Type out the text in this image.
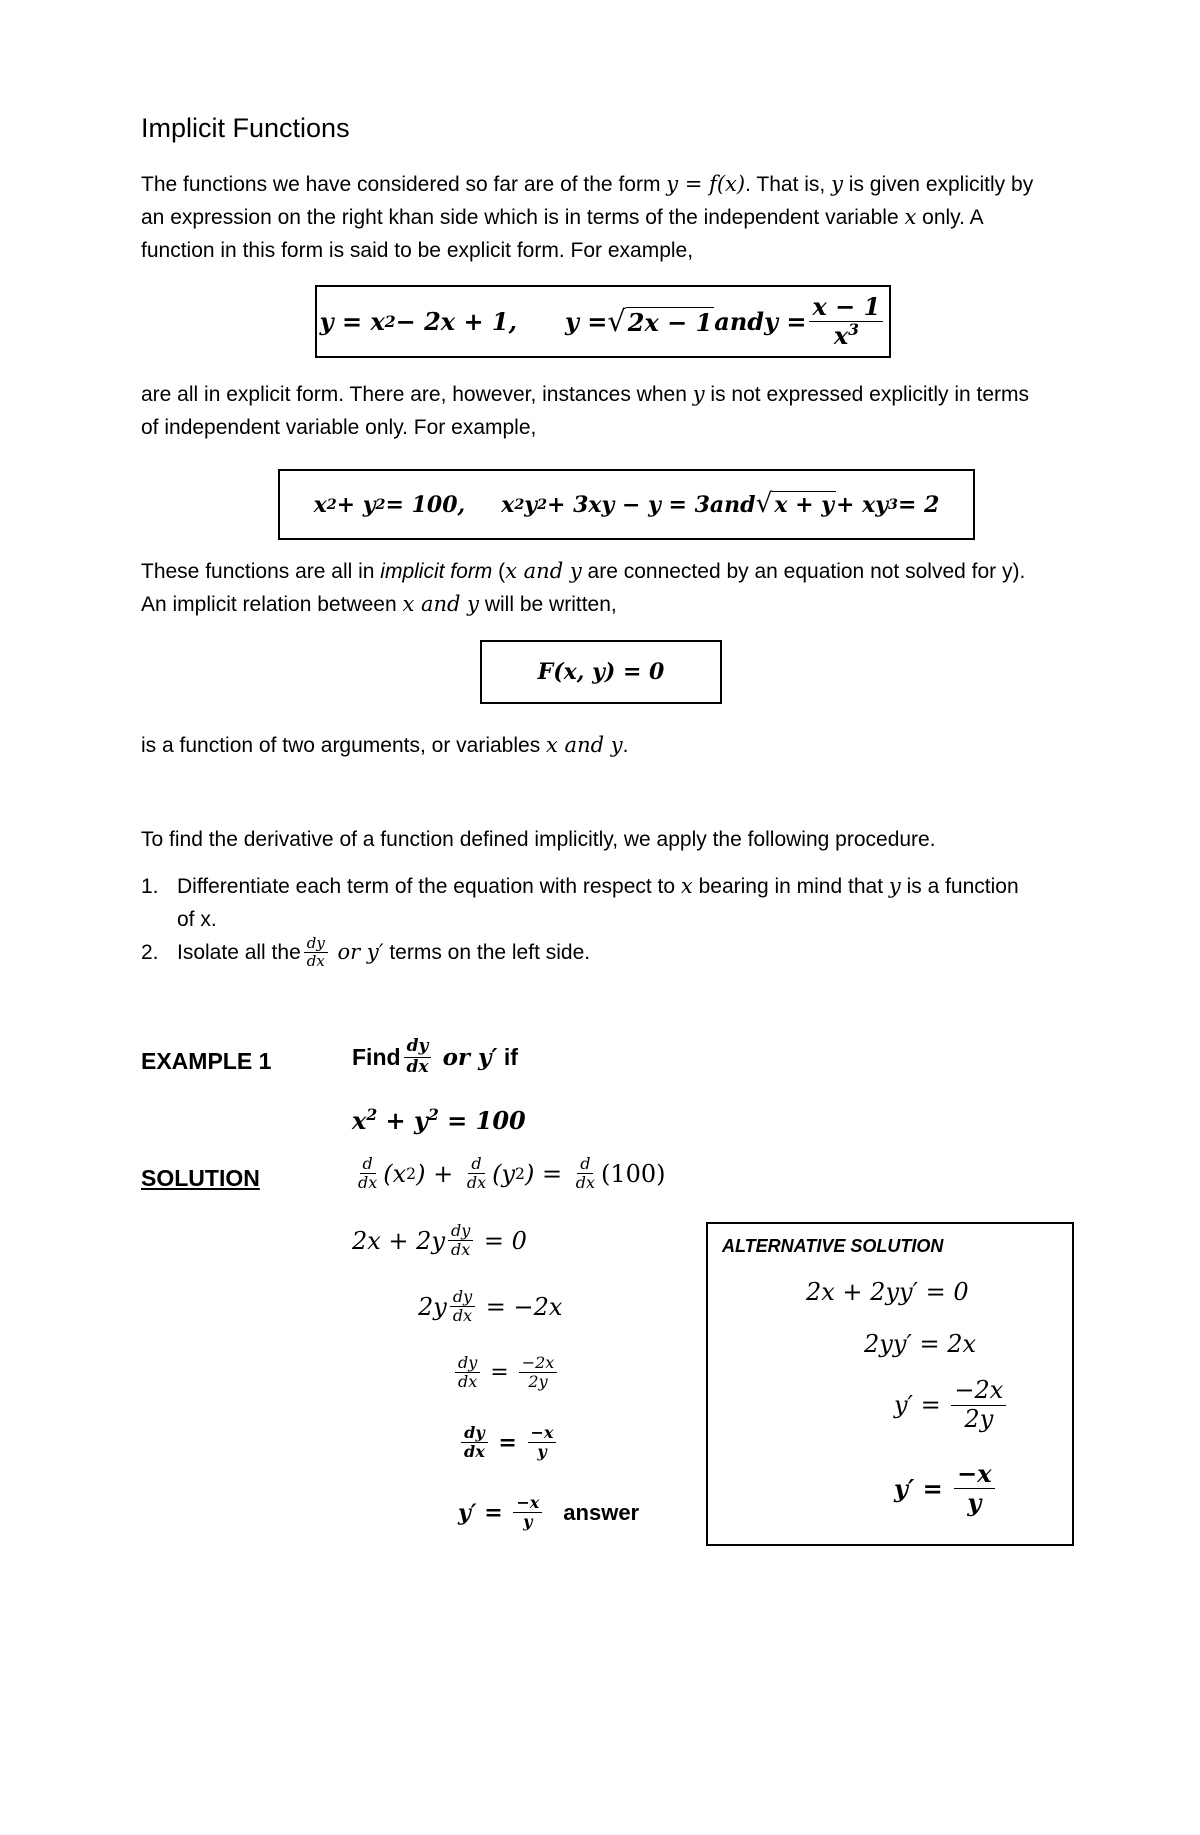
Implicit Functions
The functions we have considered so far are of the form y = f(x). That is, y is given explicitly by
an expression on the right khan side which is in terms of the independent variable x only. A
function in this form is said to be explicit form. For example,
y = x 2 − 2x + 1, y = √ 2x − 1 and $y = \frac{x - 1}{x^3}$
are all in explicit form. There are, however, instances when y is not expressed explicitly in terms
of independent variable only. For example,
x 2 + y 2 = 100, x 2 y 2 + 3xy − y = 3 and √ x + y + xy 3 = 2
These functions are all in implicit form (x and y are connected by an equation not solved for y).
An implicit relation between x and y will be written,
F(x, y) = 0
is a function of two arguments, or variables x and y.
To find the derivative of a function defined implicitly, we apply the following procedure.
1. Differentiate each term of the equation with respect to x bearing in mind that y is a function
of x.
2. Isolate all the $\frac{dy}{dx}$ or y′ terms on the left side.
EXAMPLE 1	Find $\frac{dy}{dx}$ or y′ if
$x^2 + y^2 = 100$
SOLUTION	$\frac{d}{dx} (x$ 2 ) + $\frac{d}{dx} (y$ 2 ) = $\frac{d}{dx} (100)$
$2x + 2y \frac{dy}{dx} = 0$
$2y \frac{dy}{dx} = -2x$
$\frac{dy}{dx} = \frac{-2x}{2y}$
$\frac{dy}{dx} = \frac{-x}{y}$
$y' = \frac{-x}{y}$ answer
ALTERNATIVE SOLUTION
2x + 2yy′ = 0
2yy′ = 2x
$y' = \frac{-2x}{2y}$
$y' = \frac{-x}{y}$
